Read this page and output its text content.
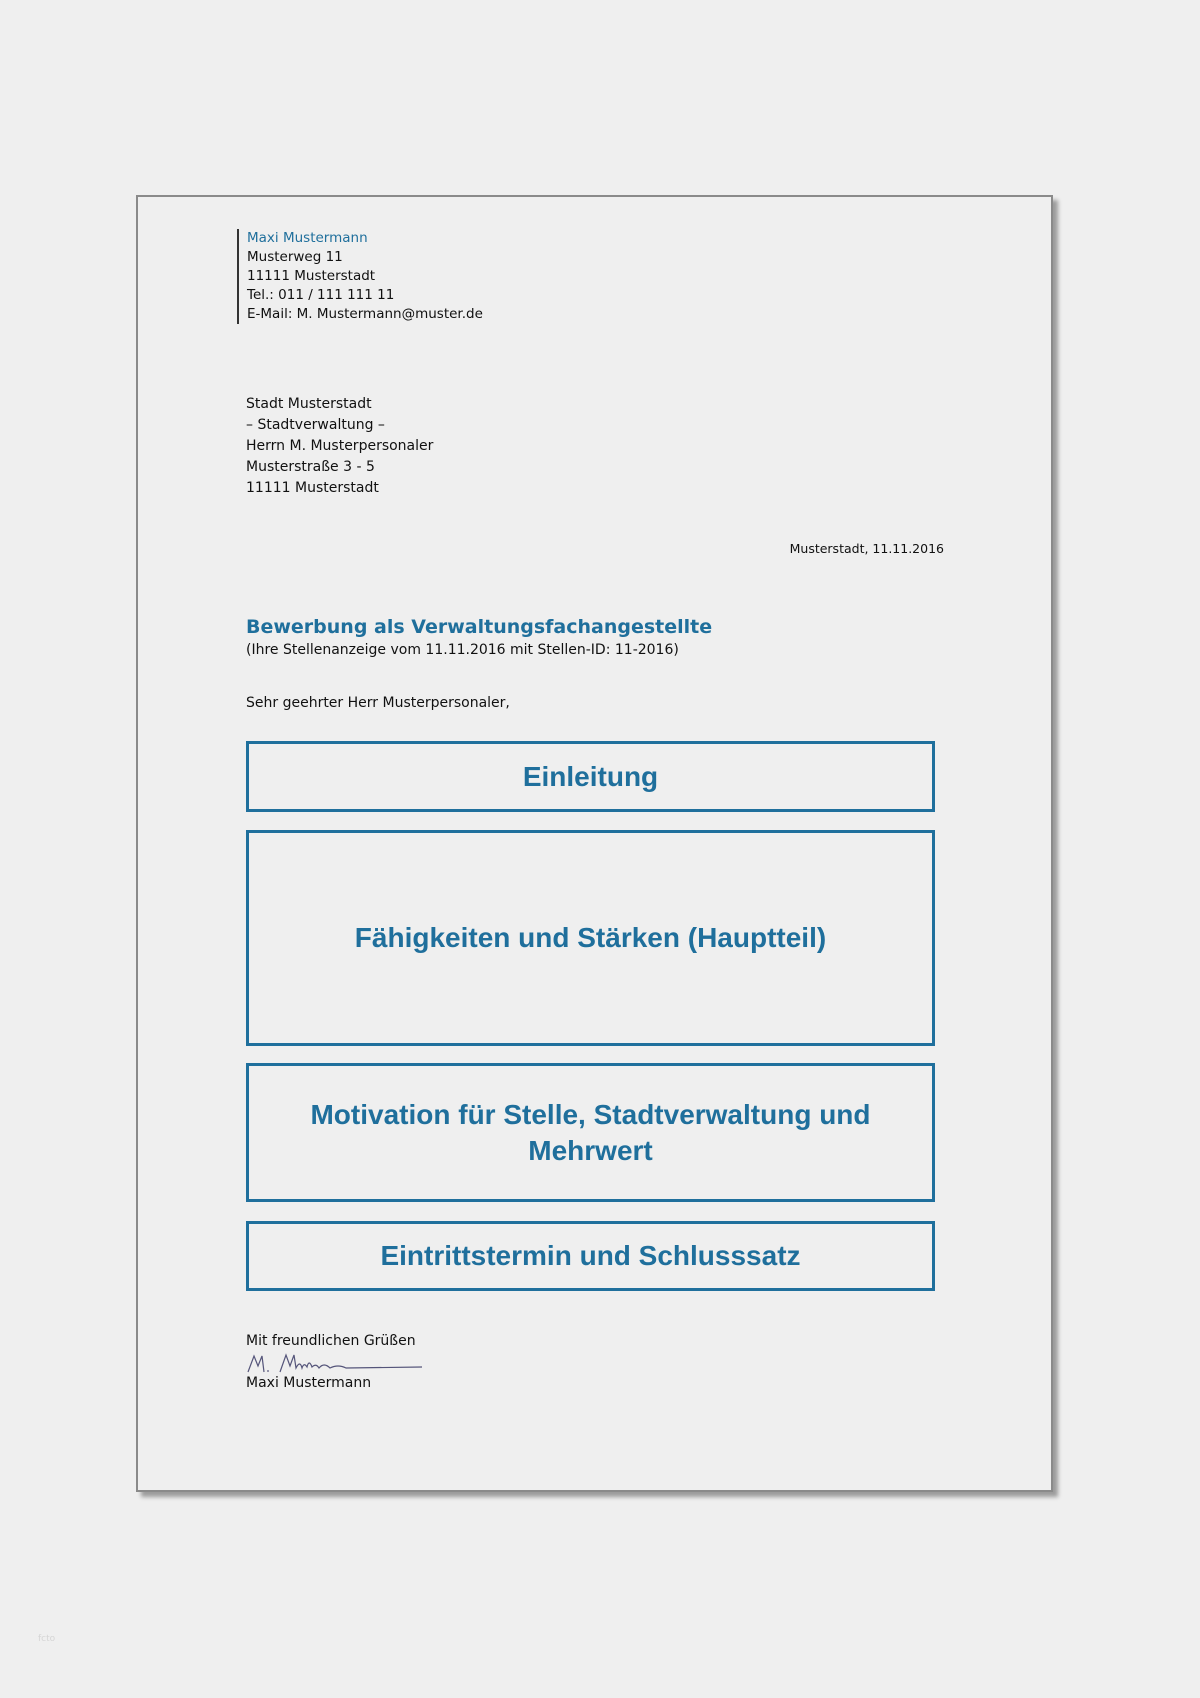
Maxi Mustermann
Musterweg 11
11111 Musterstadt
Tel.: 011 / 111 111 11
E-Mail: M. Mustermann@muster.de
Stadt Musterstadt
– Stadtverwaltung –
Herrn M. Musterpersonaler
Musterstraße 3 - 5
11111 Musterstadt
Musterstadt, 11.11.2016
Bewerbung als Verwaltungsfachangestellte
(Ihre Stellenanzeige vom 11.11.2016 mit Stellen-ID: 11-2016)
Sehr geehrter Herr Musterpersonaler,
Einleitung
Fähigkeiten und Stärken (Hauptteil)
Motivation für Stelle, Stadtverwaltung und Mehrwert
Eintrittstermin und Schlusssatz
Mit freundlichen Grüßen
Maxi Mustermann
fcto
